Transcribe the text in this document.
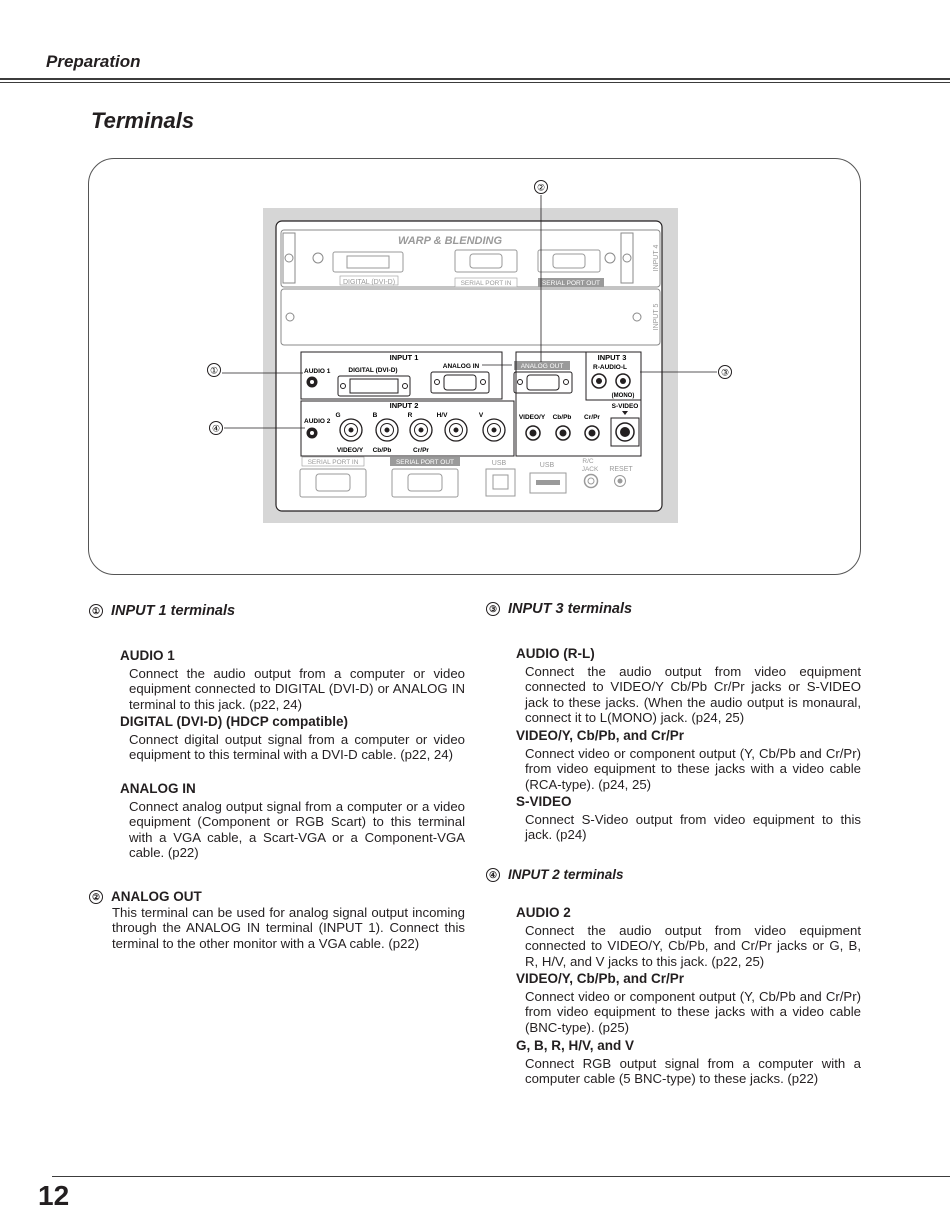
Preparation
Terminals
WARP & BLENDING
DIGITAL (DVI-D)	SERIAL PORT IN	SERIAL PORT OUT
INPUT 4
INPUT 5
INPUT 1
AUDIO 1	DIGITAL (DVI-D)
ANALOG IN	ANALOG OUT
INPUT 3
R-AUDIO-L
(MONO)
INPUT 2
AUDIO 2
G	B	R	H/V	V
VIDEO/Y Cb/Pb	Cr/Pr
VIDEO/Y Cb/Pb Cr/Pr
S-VIDEO
SERIAL PORT IN	SERIAL PORT OUT	USB	USB
R/C
JACK RESET
①
②
③
④
① INPUT 1 terminals
AUDIO 1
Connect the audio output from a computer or video equipment connected to DIGITAL (DVI-D) or ANALOG IN terminal to this jack. (p22, 24)
DIGITAL (DVI-D) (HDCP compatible)
Connect digital output signal from a computer or video equipment to this terminal with a DVI-D cable. (p22, 24)
ANALOG IN
Connect analog output signal from a computer or a video equipment (Component or RGB Scart) to this terminal with a VGA cable, a Scart-VGA or a Component-VGA cable. (p22)
② ANALOG OUT
This terminal can be used for analog signal output incoming through the ANALOG IN terminal (INPUT 1). Connect this terminal to the other monitor with a VGA cable. (p22)
③ INPUT 3 terminals
AUDIO (R-L)
Connect the audio output from video equipment connected to VIDEO/Y Cb/Pb Cr/Pr jacks or S-VIDEO jack to these jacks. (When the audio output is monaural, connect it to L(MONO) jack. (p24, 25)
VIDEO/Y, Cb/Pb, and Cr/Pr
Connect video or component output (Y, Cb/Pb and Cr/Pr) from video equipment to these jacks with a video cable (RCA-type). (p24, 25)
S-VIDEO
Connect S-Video output from video equipment to this jack. (p24)
④ INPUT 2 terminals
AUDIO 2
Connect the audio output from video equipment connected to VIDEO/Y, Cb/Pb, and Cr/Pr jacks or G, B, R, H/V, and V jacks to this jack. (p22, 25)
VIDEO/Y, Cb/Pb, and Cr/Pr
Connect video or component output (Y, Cb/Pb and Cr/Pr) from video equipment to these jacks with a video cable (BNC-type). (p25)
G, B, R, H/V, and V
Connect RGB output signal from a computer with a computer cable (5 BNC-type) to these jacks. (p22)
12
